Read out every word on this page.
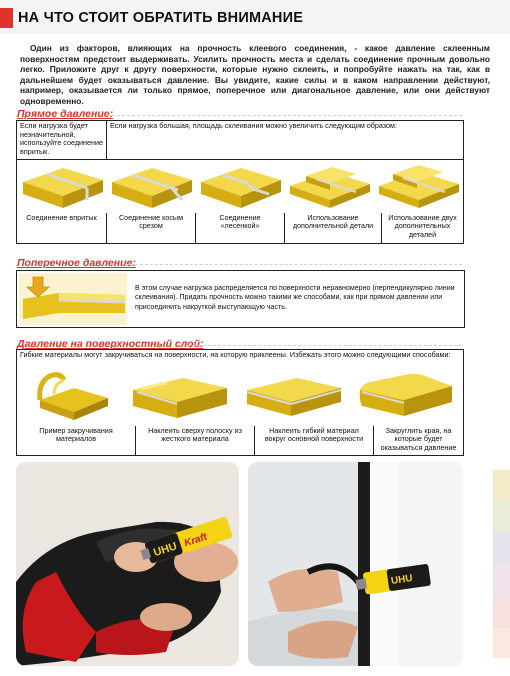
НА ЧТО СТОИТ ОБРАТИТЬ ВНИМАНИЕ
Один из факторов, влияющих на прочность клеевого соединения, - какое давление склеенным поверхностям предстоит выдерживать. Усилить прочность места и сделать соединение прочным довольно легко. Приложите друг к другу поверхности, которые нужно склеить, и попробуйте нажать на так, как в дальнейшем будет оказываться давление. Вы увидите, какие силы и в каком направлении действуют, например, оказывается ли только прямое, поперечное или диагональное давление, или они действуют одновременно.
Прямое давление:
Если нагрузка будет незначительной, используйте соединение впритык.	Если нагрузка большая, площадь склеивания можно увеличить следующим образом:			

Соединение впритык	Соединение косым срезом	Соединение «лесенкой»	Использование дополнительной детали	Использование двух дополнительных деталей
Поперечное давление:
В этом случае нагрузка распределяется по поверхности неравномерно (перпендикулярно линии склеивания). Придать прочность можно такими же способами, как при прямом давлении или присоединить накруткой выступающую часть.
Давление на поверхностный слой:
Гибкие материалы могут закручиваться на поверхности, на которую приклеены. Избежать этого можно следующими способами:

Пример закручивания материалов	Наклеить сверху полоску из жесткого материала	Наклеить гибкий материал вокруг основной поверхности	Закруглить края, на которые будет оказываться давление
UHU Kraft
UHU
